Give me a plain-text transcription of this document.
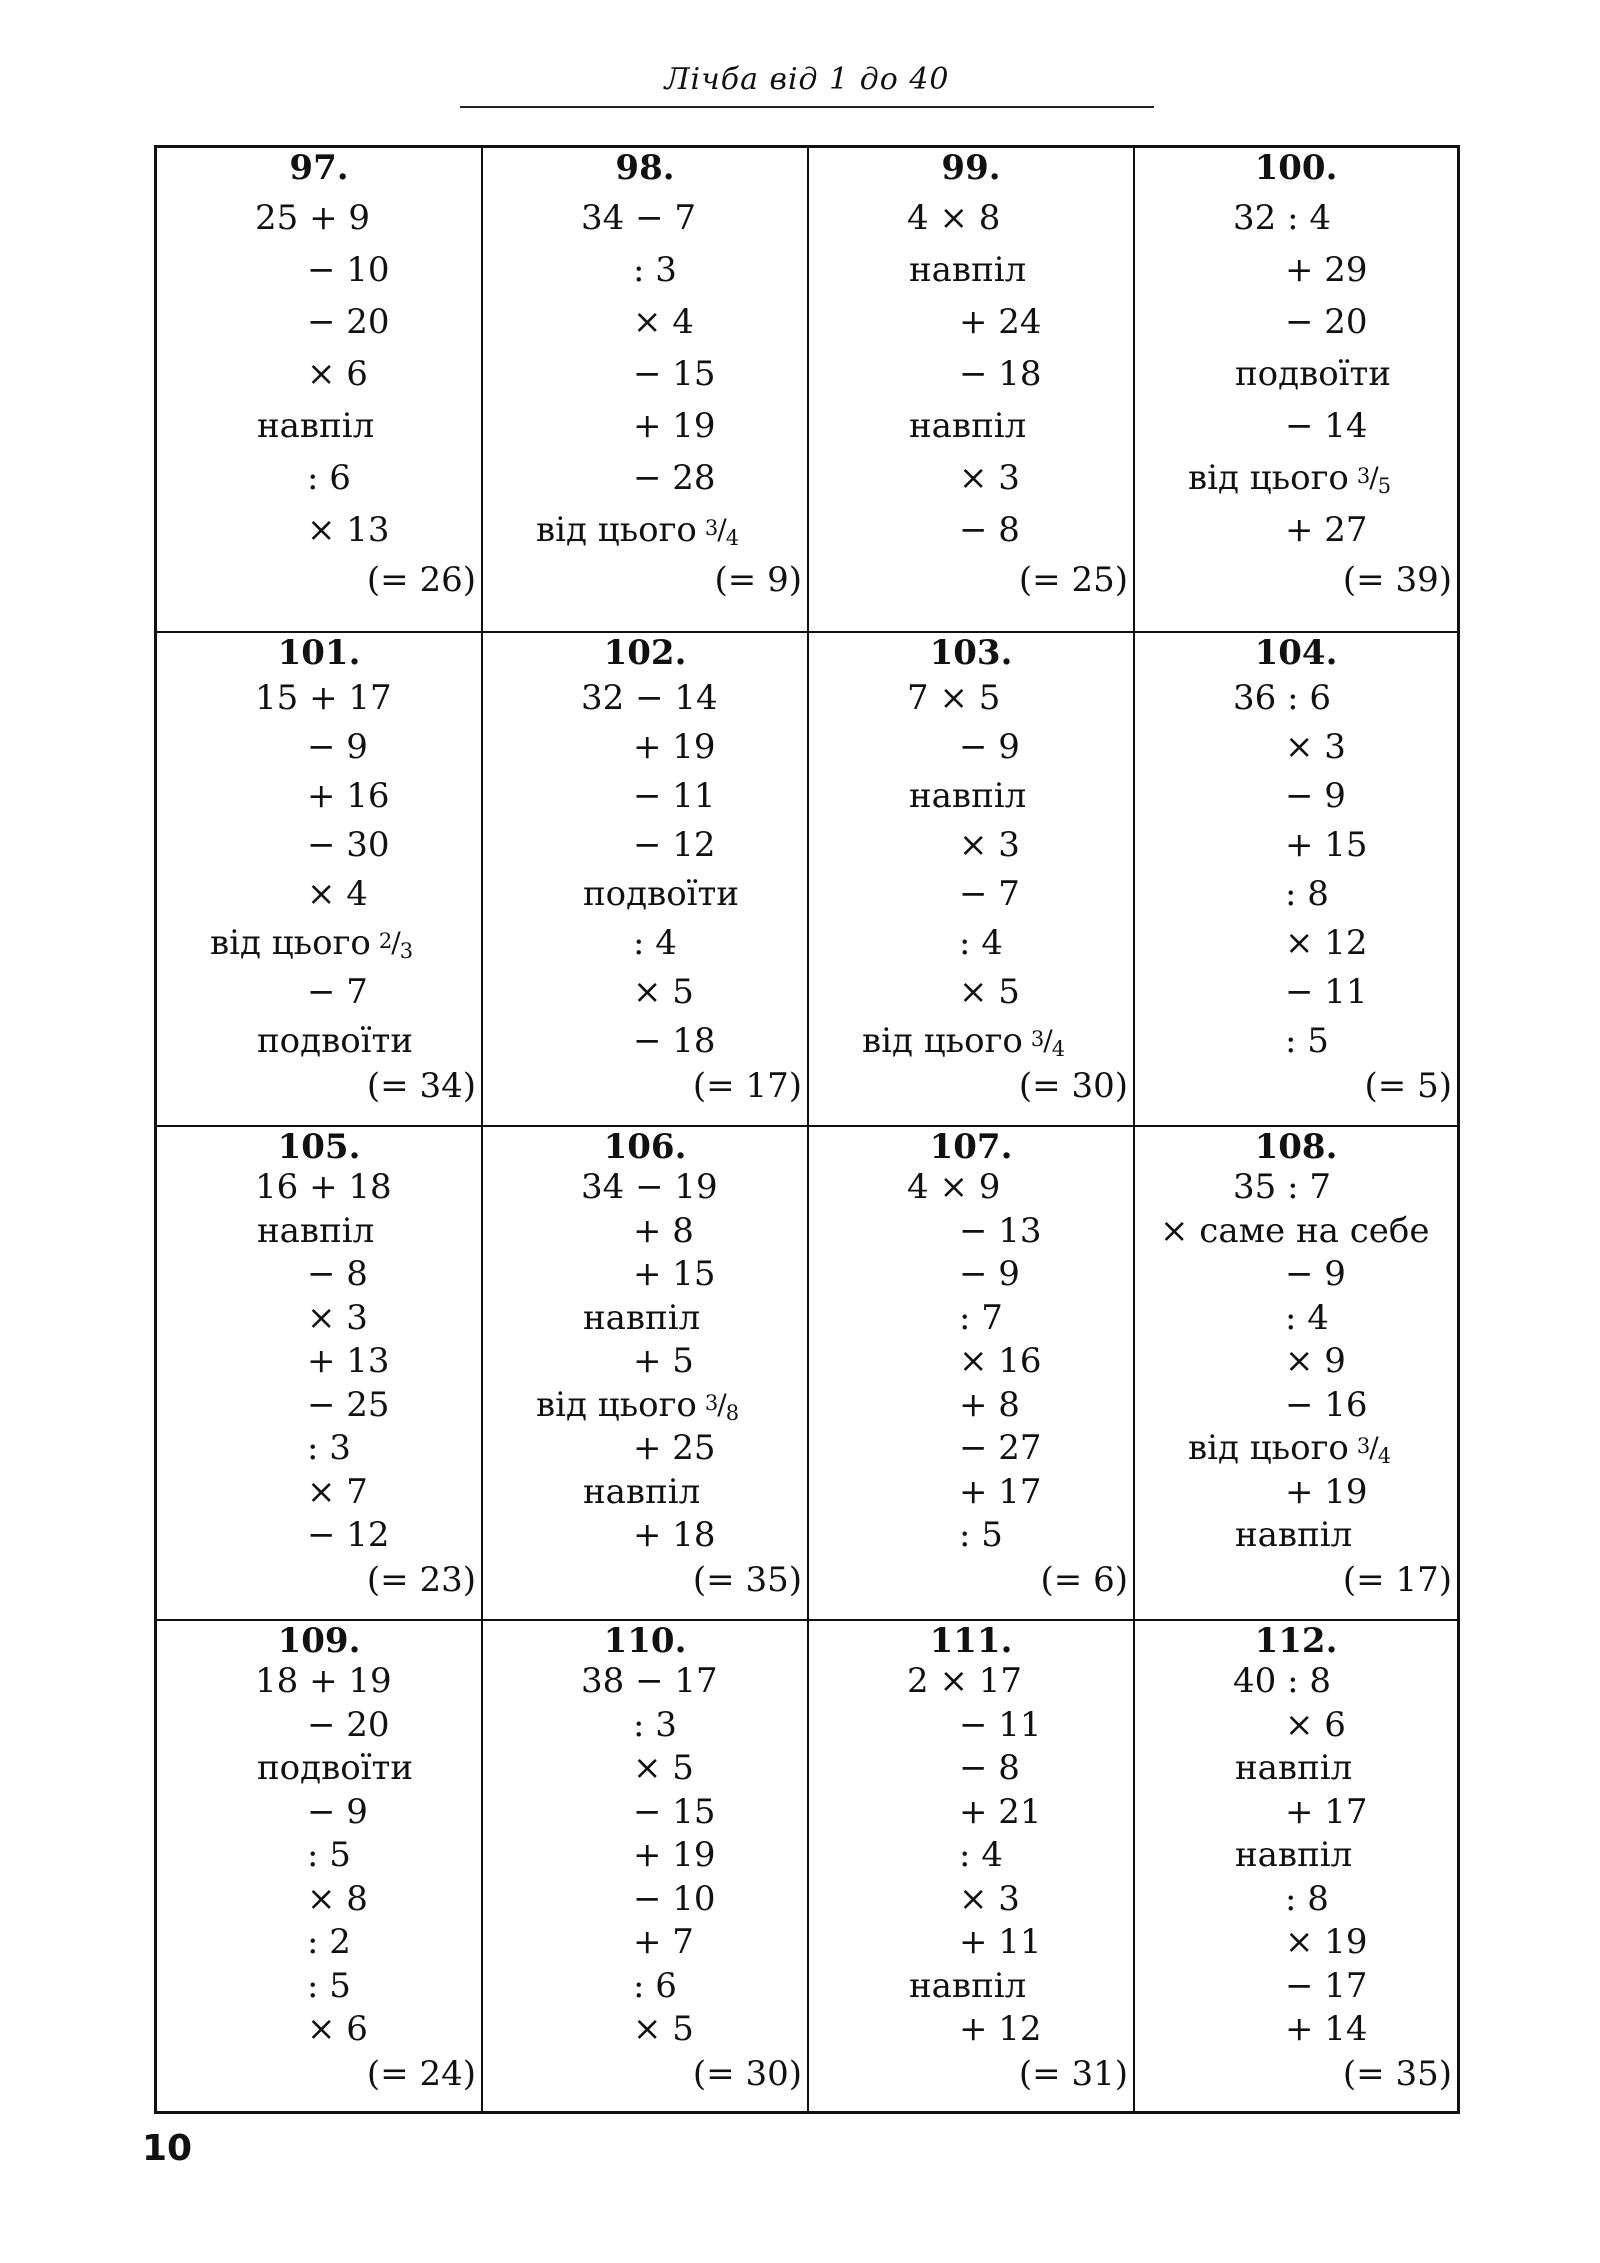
Лічба від 1 до 40
97.
25 + 9
− 10
− 20
× 6
навпіл
: 6
× 13
(= 26)
98.
34 − 7
: 3
× 4
− 15
+ 19
− 28
від цього 3/4
(= 9)
99.
4 × 8
навпіл
+ 24
− 18
навпіл
× 3
− 8
(= 25)
100.
32 : 4
+ 29
− 20
подвоїти
− 14
від цього 3/5
+ 27
(= 39)
101.
15 + 17
− 9
+ 16
− 30
× 4
від цього 2/3
− 7
подвоїти
(= 34)
102.
32 − 14
+ 19
− 11
− 12
подвоїти
: 4
× 5
− 18
(= 17)
103.
7 × 5
− 9
навпіл
× 3
− 7
: 4
× 5
від цього 3/4
(= 30)
104.
36 : 6
× 3
− 9
+ 15
: 8
× 12
− 11
: 5
(= 5)
105.
16 + 18
навпіл
− 8
× 3
+ 13
− 25
: 3
× 7
− 12
(= 23)
106.
34 − 19
+ 8
+ 15
навпіл
+ 5
від цього 3/8
+ 25
навпіл
+ 18
(= 35)
107.
4 × 9
− 13
− 9
: 7
× 16
+ 8
− 27
+ 17
: 5
(= 6)
108.
35 : 7
× саме на себе
− 9
: 4
× 9
− 16
від цього 3/4
+ 19
навпіл
(= 17)
109.
18 + 19
− 20
подвоїти
− 9
: 5
× 8
: 2
: 5
× 6
(= 24)
110.
38 − 17
: 3
× 5
− 15
+ 19
− 10
+ 7
: 6
× 5
(= 30)
111.
2 × 17
− 11
− 8
+ 21
: 4
× 3
+ 11
навпіл
+ 12
(= 31)
112.
40 : 8
× 6
навпіл
+ 17
навпіл
: 8
× 19
− 17
+ 14
(= 35)
10
